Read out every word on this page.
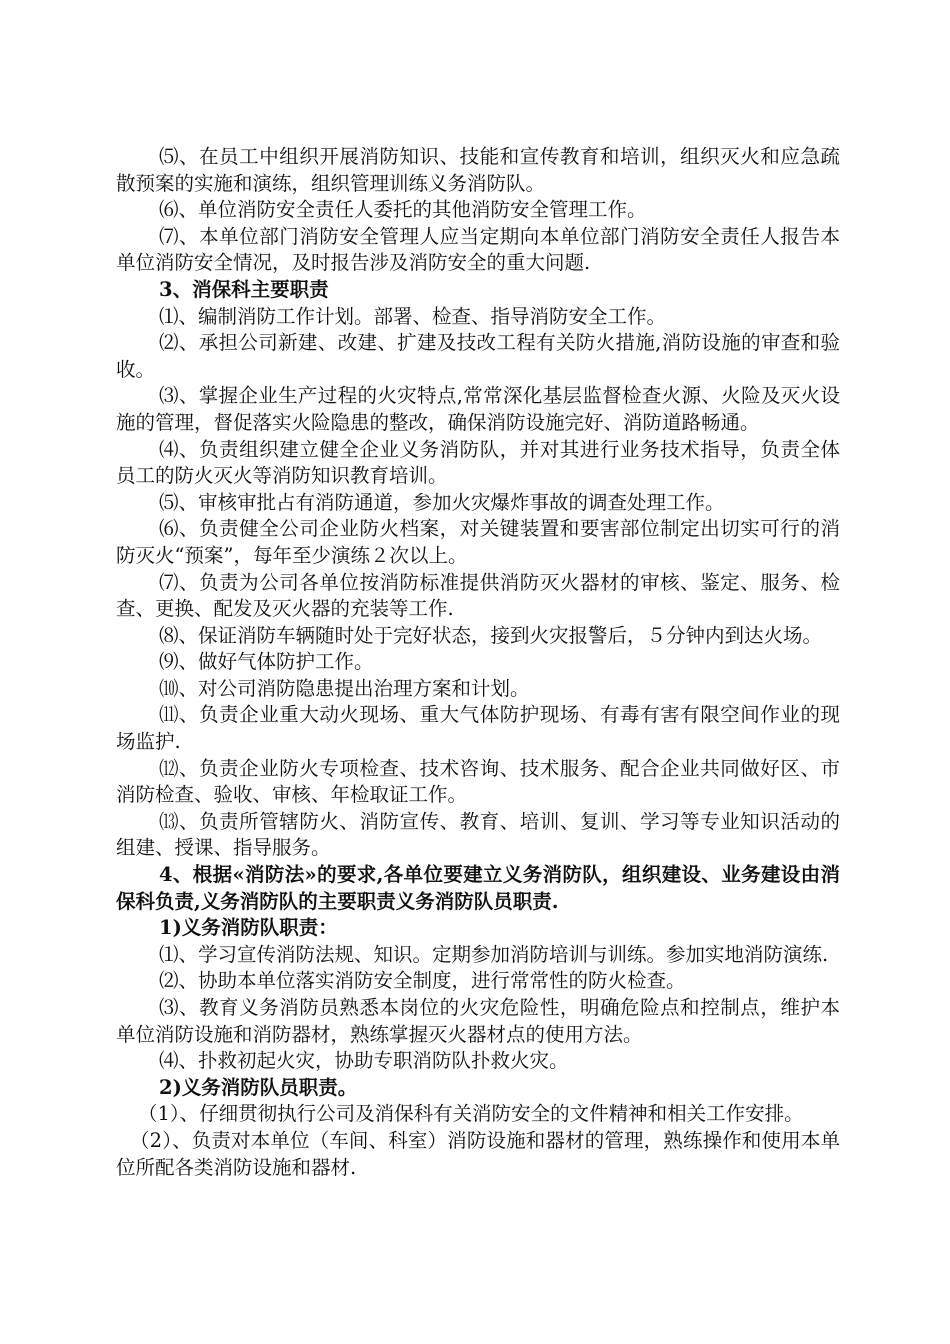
⑸、在员工中组织开展消防知识、技能和宣传教育和培训，组织灭火和应急疏散预案的实施和演练，组织管理训练义务消防队。

⑹、单位消防安全责任人委托的其他消防安全管理工作。

⑺、本单位部门消防安全管理人应当定期向本单位部门消防安全责任人报告本单位消防安全情况，及时报告涉及消防安全的重大问题.

3、消保科主要职责

⑴、编制消防工作计划。部署、检查、指导消防安全工作。

⑵、承担公司新建、改建、扩建及技改工程有关防火措施,消防设施的审查和验收。

⑶、掌握企业生产过程的火灾特点,常常深化基层监督检查火源、火险及灭火设施的管理，督促落实火险隐患的整改，确保消防设施完好、消防道路畅通。

⑷、负责组织建立健全企业义务消防队，并对其进行业务技术指导，负责全体员工的防火灭火等消防知识教育培训。

⑸、审核审批占有消防通道，参加火灾爆炸事故的调查处理工作。

⑹、负责健全公司企业防火档案，对关键装置和要害部位制定出切实可行的消防灭火“预案”，每年至少演练２次以上。

⑺、负责为公司各单位按消防标准提供消防灭火器材的审核、鉴定、服务、检查、更换、配发及灭火器的充装等工作.

⑻、保证消防车辆随时处于完好状态，接到火灾报警后，５分钟内到达火场。

⑼、做好气体防护工作。

⑽、对公司消防隐患提出治理方案和计划。

⑾、负责企业重大动火现场、重大气体防护现场、有毒有害有限空间作业的现场监护.

⑿、负责企业防火专项检查、技术咨询、技术服务、配合企业共同做好区、市消防检查、验收、审核、年检取证工作。

⒀、负责所管辖防火、消防宣传、教育、培训、复训、学习等专业知识活动的组建、授课、指导服务。

4、根据«消防法»的要求,各单位要建立义务消防队，组织建设、业务建设由消保科负责,义务消防队的主要职责义务消防队员职责.

1)义务消防队职责：

⑴、学习宣传消防法规、知识。定期参加消防培训与训练。参加实地消防演练.

⑵、协助本单位落实消防安全制度，进行常常性的防火检查。

⑶、教育义务消防员熟悉本岗位的火灾危险性，明确危险点和控制点，维护本单位消防设施和消防器材，熟练掌握灭火器材点的使用方法。

⑷、扑救初起火灾，协助专职消防队扑救火灾。

2)义务消防队员职责。

（1）、仔细贯彻执行公司及消保科有关消防安全的文件精神和相关工作安排。

（2）、负责对本单位（车间、科室）消防设施和器材的管理，熟练操作和使用本单位所配各类消防设施和器材.
